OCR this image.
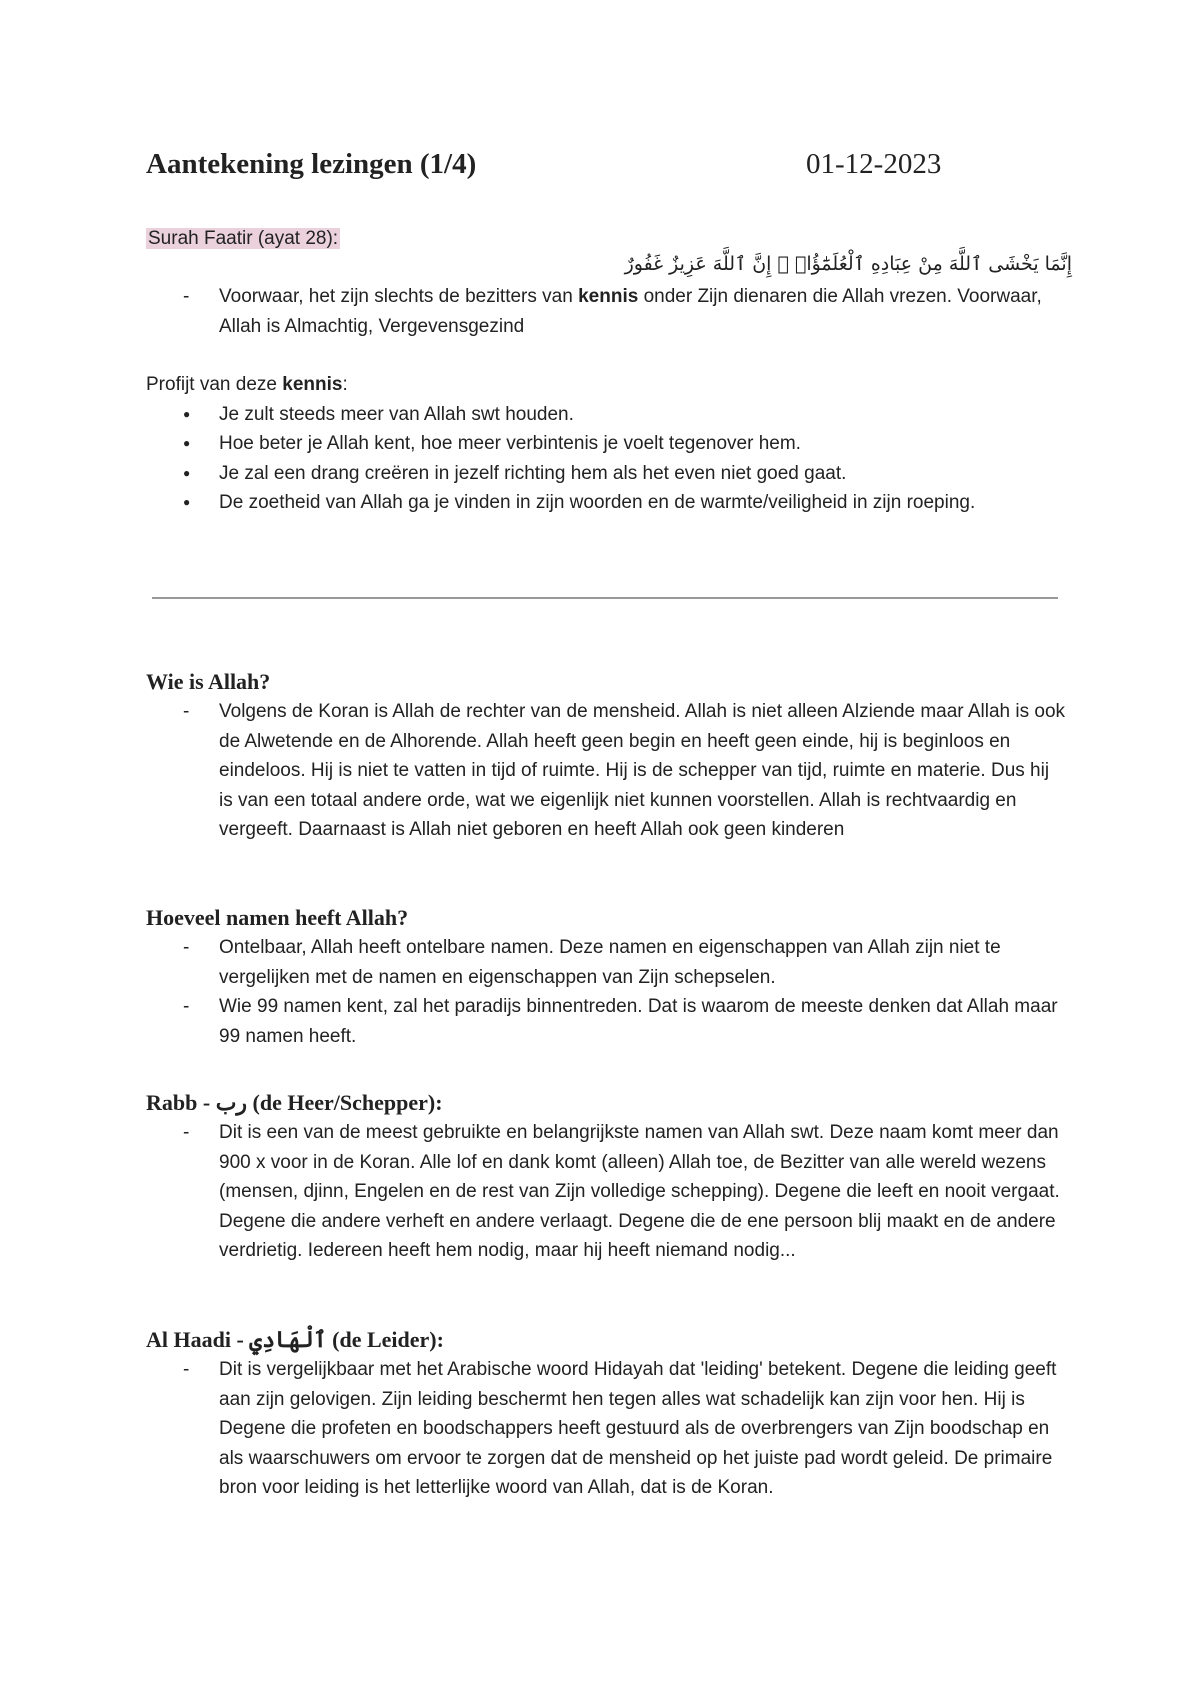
Aantekening lezingen (1/4)	01-12-2023
Surah Faatir (ayat 28):
إِنَّمَا يَخْشَى ٱللَّهَ مِنْ عِبَادِهِ ٱلْعُلَمَٰٓؤُا۟ ۗ إِنَّ ٱللَّهَ عَزِيزٌ غَفُورٌ
- Voorwaar, het zijn slechts de bezitters van kennis onder Zijn dienaren die Allah vrezen. Voorwaar, Allah is Almachtig, Vergevensgezind
Profijt van deze kennis:
● Je zult steeds meer van Allah swt houden.
● Hoe beter je Allah kent, hoe meer verbintenis je voelt tegenover hem.
● Je zal een drang creëren in jezelf richting hem als het even niet goed gaat.
● De zoetheid van Allah ga je vinden in zijn woorden en de warmte/veiligheid in zijn roeping.
Wie is Allah?
- Volgens de Koran is Allah de rechter van de mensheid. Allah is niet alleen Alziende maar Allah is ook de Alwetende en de Alhorende. Allah heeft geen begin en heeft geen einde, hij is beginloos en eindeloos. Hij is niet te vatten in tijd of ruimte. Hij is de schepper van tijd, ruimte en materie. Dus hij is van een totaal andere orde, wat we eigenlijk niet kunnen voorstellen. Allah is rechtvaardig en vergeeft. Daarnaast is Allah niet geboren en heeft Allah ook geen kinderen
Hoeveel namen heeft Allah?
- Ontelbaar, Allah heeft ontelbare namen. Deze namen en eigenschappen van Allah zijn niet te vergelijken met de namen en eigenschappen van Zijn schepselen.
- Wie 99 namen kent, zal het paradijs binnentreden. Dat is waarom de meeste denken dat Allah maar 99 namen heeft.
Rabb - رب (de Heer/Schepper):
- Dit is een van de meest gebruikte en belangrijkste namen van Allah swt. Deze naam komt meer dan 900 x voor in de Koran. Alle lof en dank komt (alleen) Allah toe, de Bezitter van alle wereld wezens (mensen, djinn, Engelen en de rest van Zijn volledige schepping). Degene die leeft en nooit vergaat. Degene die andere verheft en andere verlaagt. Degene die de ene persoon blij maakt en de andere verdrietig. Iedereen heeft hem nodig, maar hij heeft niemand nodig...
Al Haadi - ٱلْهَادِي (de Leider):
- Dit is vergelijkbaar met het Arabische woord Hidayah dat 'leiding' betekent. Degene die leiding geeft aan zijn gelovigen. Zijn leiding beschermt hen tegen alles wat schadelijk kan zijn voor hen. Hij is Degene die profeten en boodschappers heeft gestuurd als de overbrengers van Zijn boodschap en als waarschuwers om ervoor te zorgen dat de mensheid op het juiste pad wordt geleid. De primaire bron voor leiding is het letterlijke woord van Allah, dat is de Koran.
